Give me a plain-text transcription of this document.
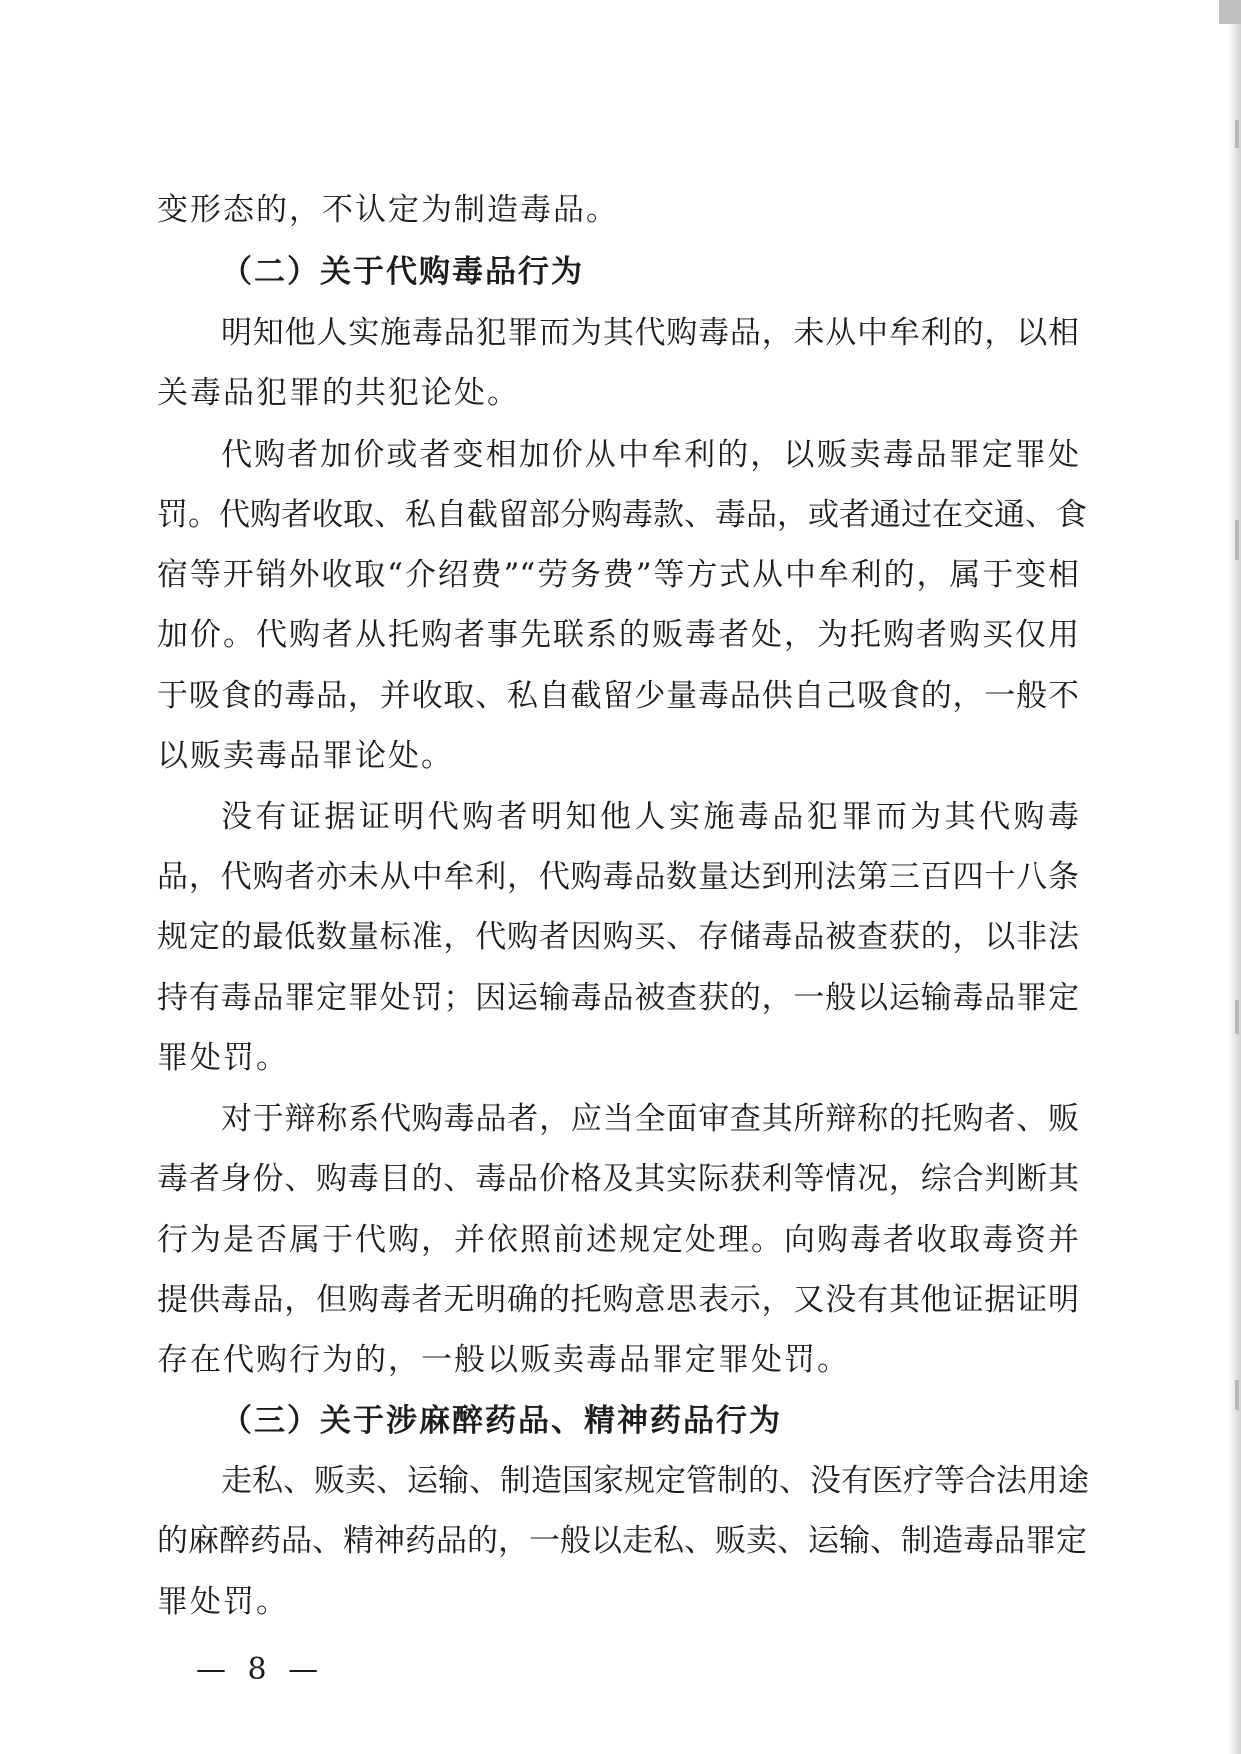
变形态的，不认定为制造毒品。
（二）关于代购毒品行为
明知他人实施毒品犯罪而为其代购毒品，未从中牟利的，以相
关毒品犯罪的共犯论处。
代购者加价或者变相加价从中牟利的，以贩卖毒品罪定罪处
罚。代购者收取、私自截留部分购毒款、毒品，或者通过在交通、食
宿等开销外收取“介绍费”“劳务费”等方式从中牟利的，属于变相
加价。代购者从托购者事先联系的贩毒者处，为托购者购买仅用
于吸食的毒品，并收取、私自截留少量毒品供自己吸食的，一般不
以贩卖毒品罪论处。
没有证据证明代购者明知他人实施毒品犯罪而为其代购毒
品，代购者亦未从中牟利，代购毒品数量达到刑法第三百四十八条
规定的最低数量标准，代购者因购买、存储毒品被查获的，以非法
持有毒品罪定罪处罚；因运输毒品被查获的，一般以运输毒品罪定
罪处罚。
对于辩称系代购毒品者，应当全面审查其所辩称的托购者、贩
毒者身份、购毒目的、毒品价格及其实际获利等情况，综合判断其
行为是否属于代购，并依照前述规定处理。向购毒者收取毒资并
提供毒品，但购毒者无明确的托购意思表示，又没有其他证据证明
存在代购行为的，一般以贩卖毒品罪定罪处罚。
（三）关于涉麻醉药品、精神药品行为
走私、贩卖、运输、制造国家规定管制的、没有医疗等合法用途
的麻醉药品、精神药品的，一般以走私、贩卖、运输、制造毒品罪定
罪处罚。
— 8 —
